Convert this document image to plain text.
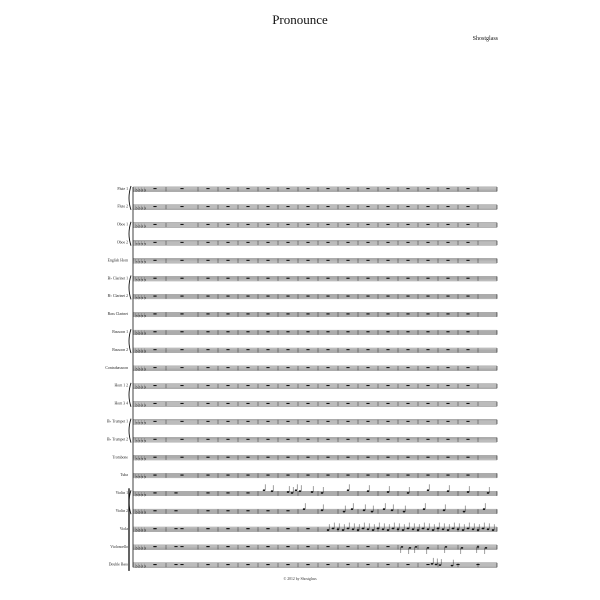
Pronounce
Shostglass
Flute 1 ♭♭♭♭
Flute 2 ♭♭♭♭
Oboe 1 ♭♭♭♭
Oboe 2 ♭♭♭♭
English Horn ♭♭♭♭
B♭ Clarinet 1 ♭♭♭♭
B♭ Clarinet 2 ♭♭♭♭
Bass Clarinet ♭♭♭♭
Bassoon 1 ♭♭♭♭
Bassoon 2 ♭♭♭♭
Contrabassoon ♭♭♭♭
Horn 1 2 ♭♭♭♭
Horn 3 4 ♭♭♭♭
B♭ Trumpet 1 ♭♭♭♭
B♭ Trumpet 2 ♭♭♭♭
Trombone ♭♭♭♭
Tuba ♭♭♭♭
Violin 1 ♭♭♭♭
Violin 2 ♭♭♭♭
Viola ♭♭♭♭
Violoncello ♭♭♭♭
Double Bass ♭♭♭♭
© 2012 by Shostglass
